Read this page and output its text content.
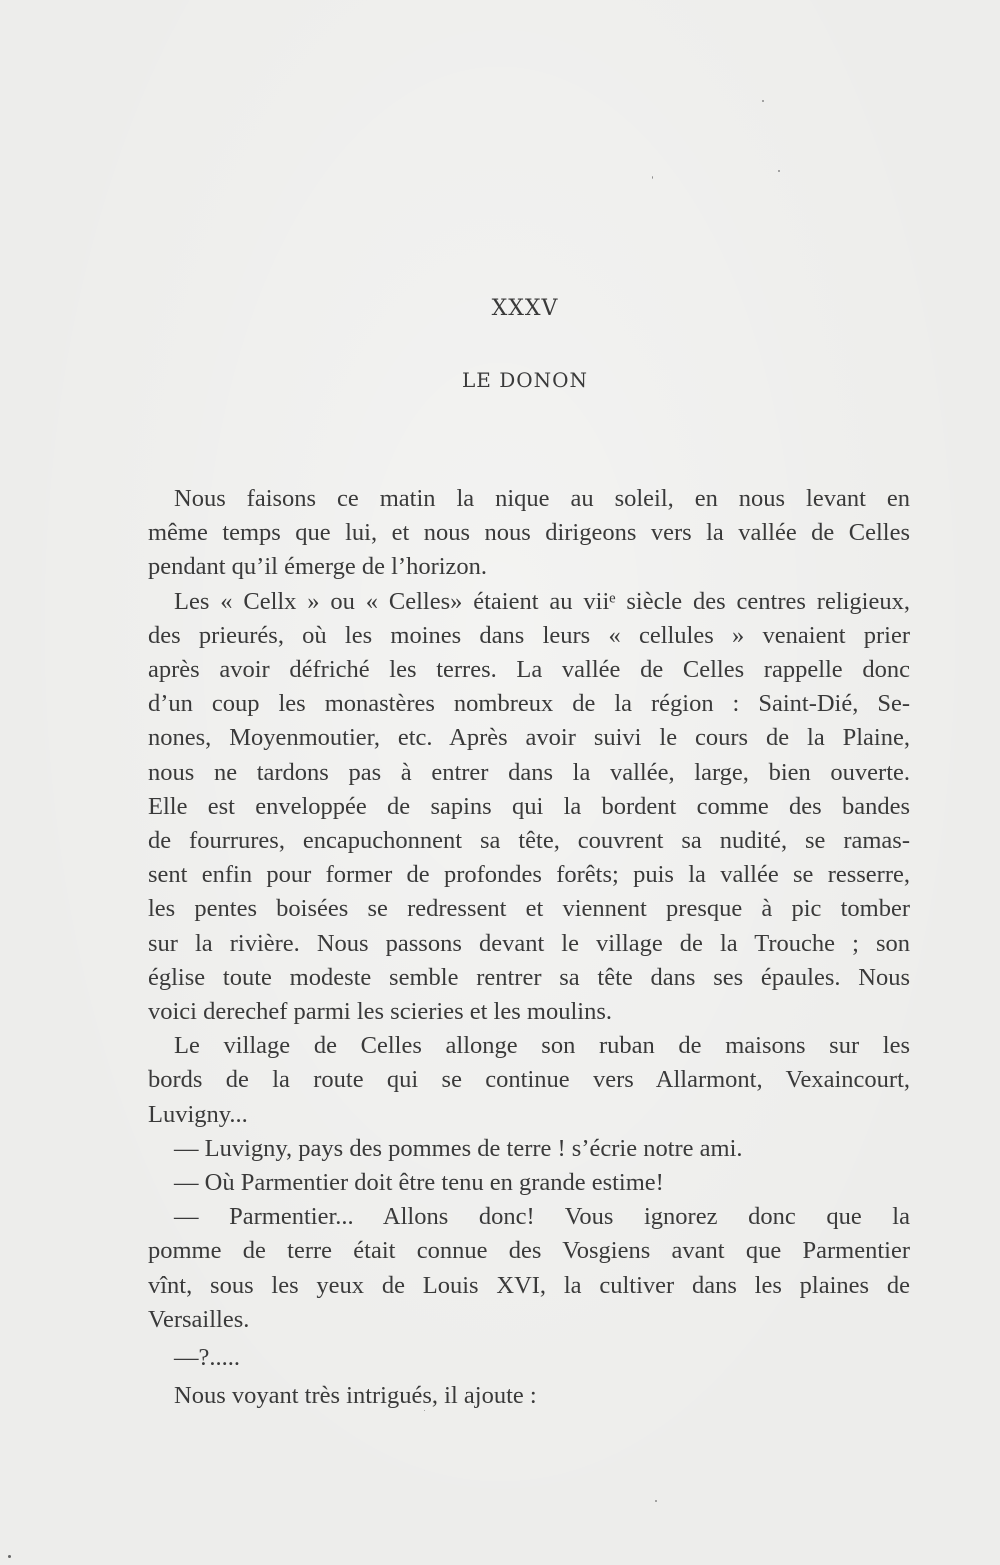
XXXV
LE DONON
Nous faisons ce matin la nique au soleil, en nous levant en
même temps que lui, et nous nous dirigeons vers la vallée de Celles
pendant qu’il émerge de l’horizon.
Les « Cellx » ou « Celles» étaient au viiᵉ siècle des centres religieux,
des prieurés, où les moines dans leurs « cellules » venaient prier
après avoir défriché les terres. La vallée de Celles rappelle donc
d’un coup les monastères nombreux de la région : Saint-Dié, Se-
nones, Moyenmoutier, etc. Après avoir suivi le cours de la Plaine,
nous ne tardons pas à entrer dans la vallée, large, bien ouverte.
Elle est enveloppée de sapins qui la bordent comme des bandes
de fourrures, encapuchonnent sa tête, couvrent sa nudité, se ramas-
sent enfin pour former de profondes forêts; puis la vallée se resserre,
les pentes boisées se redressent et viennent presque à pic tomber
sur la rivière. Nous passons devant le village de la Trouche ; son
église toute modeste semble rentrer sa tête dans ses épaules. Nous
voici derechef parmi les scieries et les moulins.
Le village de Celles allonge son ruban de maisons sur les
bords de la route qui se continue vers Allarmont, Vexaincourt,
Luvigny...
— Luvigny, pays des pommes de terre ! s’écrie notre ami.
— Où Parmentier doit être tenu en grande estime!
— Parmentier... Allons donc! Vous ignorez donc que la
pomme de terre était connue des Vosgiens avant que Parmentier
vînt, sous les yeux de Louis XVI, la cultiver dans les plaines de
Versailles.
—?.....
Nous voyant très intrigués, il ajoute :
